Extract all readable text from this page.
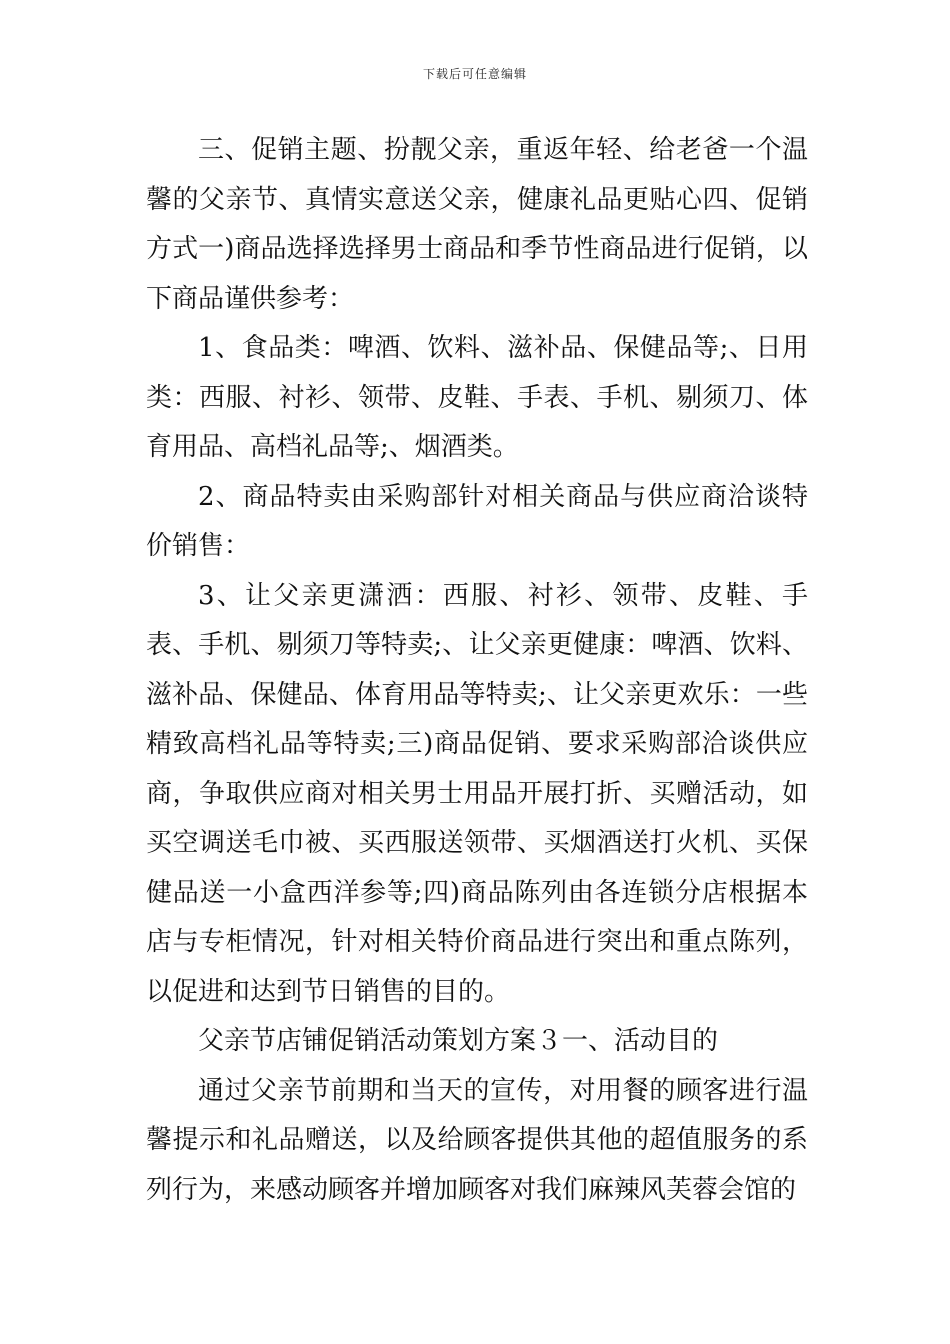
下载后可任意编辑

三、促销主题、扮靓父亲，重返年轻、给老爸一个温馨的父亲节、真情实意送父亲，健康礼品更贴心四、促销方式一)商品选择选择男士商品和季节性商品进行促销，以下商品谨供参考：

1、食品类：啤酒、饮料、滋补品、保健品等;、日用类：西服、衬衫、领带、皮鞋、手表、手机、剔须刀、体育用品、高档礼品等;、烟酒类。

2、商品特卖由采购部针对相关商品与供应商洽谈特价销售：

3、让父亲更潇洒：西服、衬衫、领带、皮鞋、手表、手机、剔须刀等特卖;、让父亲更健康：啤酒、饮料、滋补品、保健品、体育用品等特卖;、让父亲更欢乐：一些精致高档礼品等特卖;三)商品促销、要求采购部洽谈供应商，争取供应商对相关男士用品开展打折、买赠活动，如买空调送毛巾被、买西服送领带、买烟酒送打火机、买保健品送一小盒西洋参等;四)商品陈列由各连锁分店根据本店与专柜情况，针对相关特价商品进行突出和重点陈列，以促进和达到节日销售的目的。

父亲节店铺促销活动策划方案３一、活动目的

通过父亲节前期和当天的宣传，对用餐的顾客进行温馨提示和礼品赠送，以及给顾客提供其他的超值服务的系列行为，来感动顾客并增加顾客对我们麻辣风芙蓉会馆的
